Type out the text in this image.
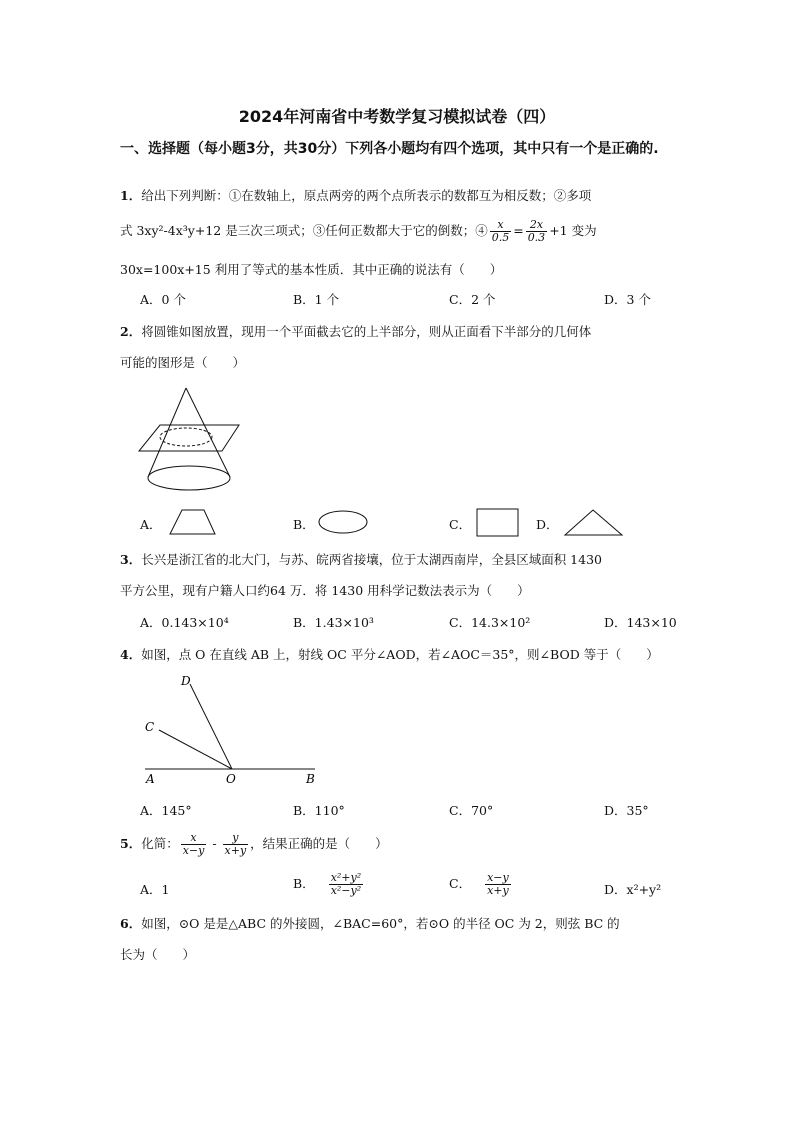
2024年河南省中考数学复习模拟试卷（四）
一、选择题（每小题3分，共30分）下列各小题均有四个选项，其中只有一个是正确的.
1．给出下列判断：①在数轴上，原点两旁的两个点所表示的数都互为相反数；②多项
式 3xy²-4x³y+12 是三次三项式；③任何正数都大于它的倒数；④ $\frac{x}{0.5} = \frac{2x}{0.3} +1$ 变为
30x=100x+15 利用了等式的基本性质．其中正确的说法有（　　）
A．0 个	B．1 个	C．2 个	D．3 个
2．将圆锥如图放置，现用一个平面截去它的上半部分，则从正面看下半部分的几何体
可能的图形是（　　）
A．	B．	C．	D．
3．长兴是浙江省的北大门，与苏、皖两省接壤，位于太湖西南岸，全县区域面积 1430
平方公里，现有户籍人口约64 万．将 1430 用科学记数法表示为（　　）
A．0.143×10⁴	B．1.43×10³	C．14.3×10²	D．143×10
4．如图，点 O 在直线 AB 上，射线 OC 平分∠AOD，若∠AOC＝35°，则∠BOD 等于（　　）
D
C
A	O	B
A．145°	B．110°	C．70°	D．35°
5．化简： $\frac{x}{x-y} - \frac{y}{x+y}$ ，结果正确的是（　　）
A．1	B． $\frac{\text{x²+y²}}{\text{x²−y²}}$	C． $\frac{x-y}{x+y}$	D．x²+y²
6．如图，⊙O 是是△ABC 的外接圆，∠BAC=60°，若⊙O 的半径 OC 为 2，则弦 BC 的
长为（　　）
